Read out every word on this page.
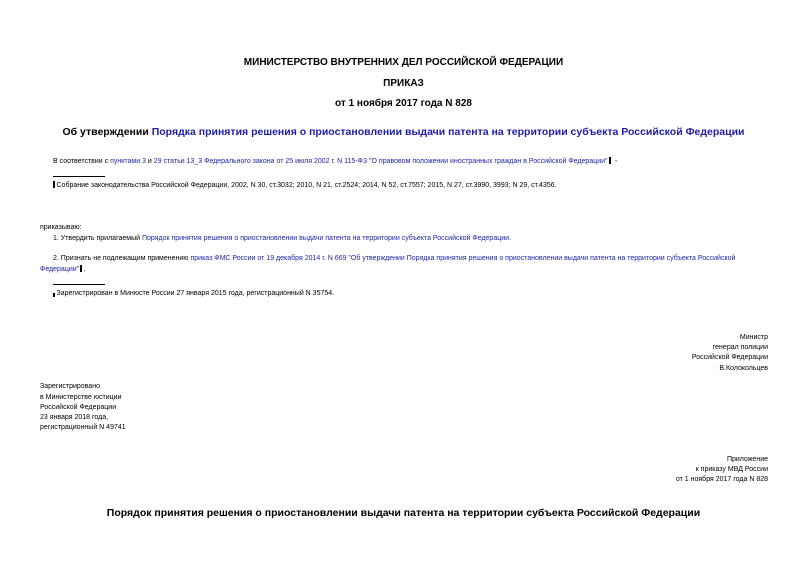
МИНИСТЕРСТВО ВНУТРЕННИХ ДЕЛ РОССИЙСКОЙ ФЕДЕРАЦИИ
ПРИКАЗ
от 1 ноября 2017 года N 828
Об утверждении Порядка принятия решения о приостановлении выдачи патента на территории субъекта Российской Федерации
В соответствии с пунктами 3 и 29 статьи 13_3 Федерального закона от 25 июля 2002 г. N 115-ФЗ "О правовом положении иностранных граждан в Российской Федерации" -
Собрание законодательства Российской Федерации, 2002, N 30, ст.3032; 2010, N 21, ст.2524; 2014, N 52, ст.7557; 2015, N 27, ст.3990, 3993; N 29, ст.4356.
приказываю:
1. Утвердить прилагаемый Порядок принятия решения о приостановлении выдачи патента на территории субъекта Российской Федерации.
2. Признать не подлежащим применению приказ ФМС России от 19 декабря 2014 г. N 669 "Об утверждении Порядка принятия решения о приостановлении выдачи патента на территории субъекта Российской
Федерации" .
Зарегистрирован в Минюсте России 27 января 2015 года, регистрационный N 35754.
Министр
генерал полиции
Российской Федерации
В.Колокольцев
Зарегистрировано
в Министерстве юстиции
Российской Федерации
23 января 2018 года,
регистрационный N 49741
Приложение
к приказу МВД России
от 1 ноября 2017 года N 828
Порядок принятия решения о приостановлении выдачи патента на территории субъекта Российской Федерации
